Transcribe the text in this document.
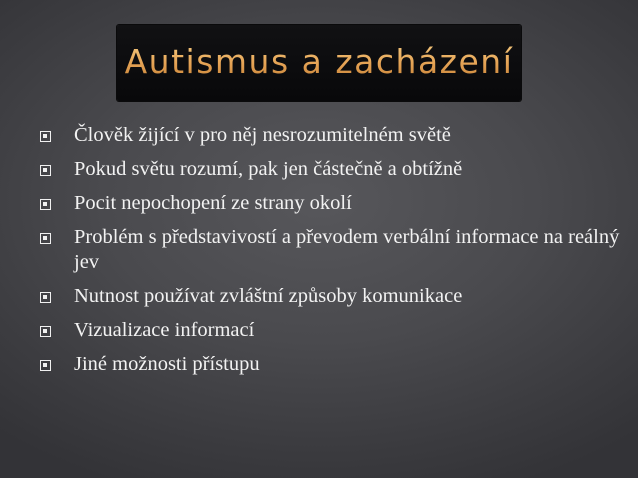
Autismus a zacházení
Člověk žijící v pro něj nesrozumitelném světě
Pokud světu rozumí, pak jen částečně a obtížně
Pocit nepochopení ze strany okolí
Problém s představivostí a převodem verbální informace na reálný jev
Nutnost používat zvláštní způsoby komunikace
Vizualizace informací
Jiné možnosti přístupu
